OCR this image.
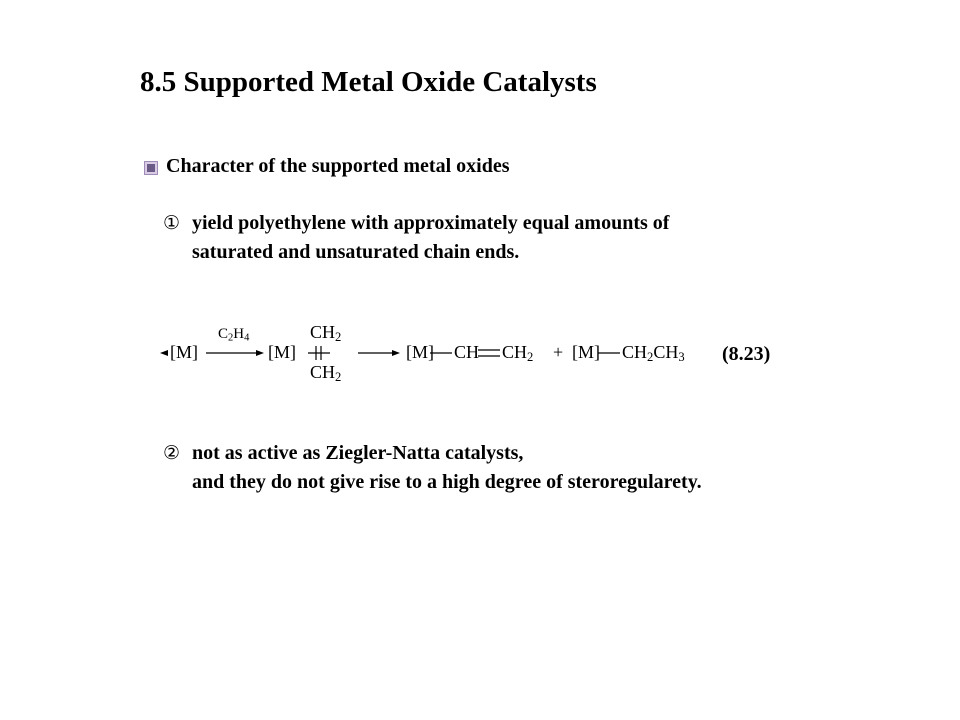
8.5 Supported Metal Oxide Catalysts
Character of the supported metal oxides
① yield polyethylene with approximately equal amounts of
saturated and unsaturated chain ends.
[M]
$C_2H_4$
[M]
$CH_2$
$CH_2$
[M] CH $CH_2 + [M]$ $CH_2CH_3$ (8.23)
② not as active as Ziegler-Natta catalysts,
and they do not give rise to a high degree of steroregularety.
